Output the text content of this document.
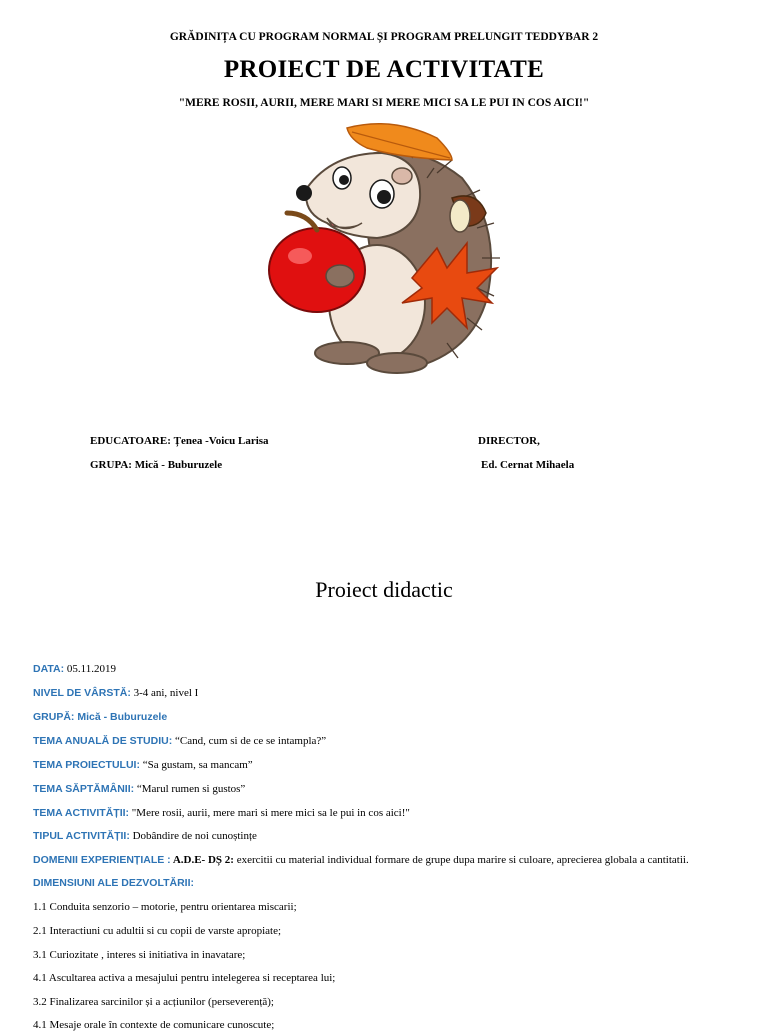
GRĂDINIȚA CU PROGRAM NORMAL ȘI PROGRAM PRELUNGIT TEDDYBAR 2
PROIECT DE ACTIVITATE
"MERE ROSII, AURII, MERE MARI SI MERE MICI SA LE PUI IN COS AICI!"
EDUCATOARE: Țenea -Voicu Larisa
GRUPA: Mică - Buburuzele
DIRECTOR,
Ed. Cernat Mihaela
Proiect didactic
DATA: 05.11.2019
NIVEL DE VÂRSTĂ: 3-4 ani, nivel I
GRUPĂ: Mică - Buburuzele
TEMA ANUALĂ DE STUDIU: “Cand, cum si de ce se intampla?”
TEMA PROIECTULUI: “Sa gustam, sa mancam”
TEMA SĂPTĂMÂNII: “Marul rumen si gustos”
TEMA ACTIVITĂȚII: "Mere rosii, aurii, mere mari si mere mici sa le pui in cos aici!"
TIPUL ACTIVITĂȚII: Dobândire de noi cunoștințe
DOMENII EXPERIENȚIALE : A.D.E- DȘ 2: exercitii cu material individual formare de grupe dupa marire si culoare, aprecierea globala a cantitatii.
DIMENSIUNI ALE DEZVOLTĂRII:
1.1 Conduita senzorio – motorie, pentru orientarea miscarii;
2.1 Interactiuni cu adultii si cu copii de varste apropiate;
3.1 Curiozitate , interes si initiativa in inavatare;
4.1 Ascultarea activa a mesajului pentru intelegerea si receptarea lui;
3.2 Finalizarea sarcinilor și a acțiunilor (perseverență);
4.1 Mesaje orale în contexte de comunicare cunoscute;
